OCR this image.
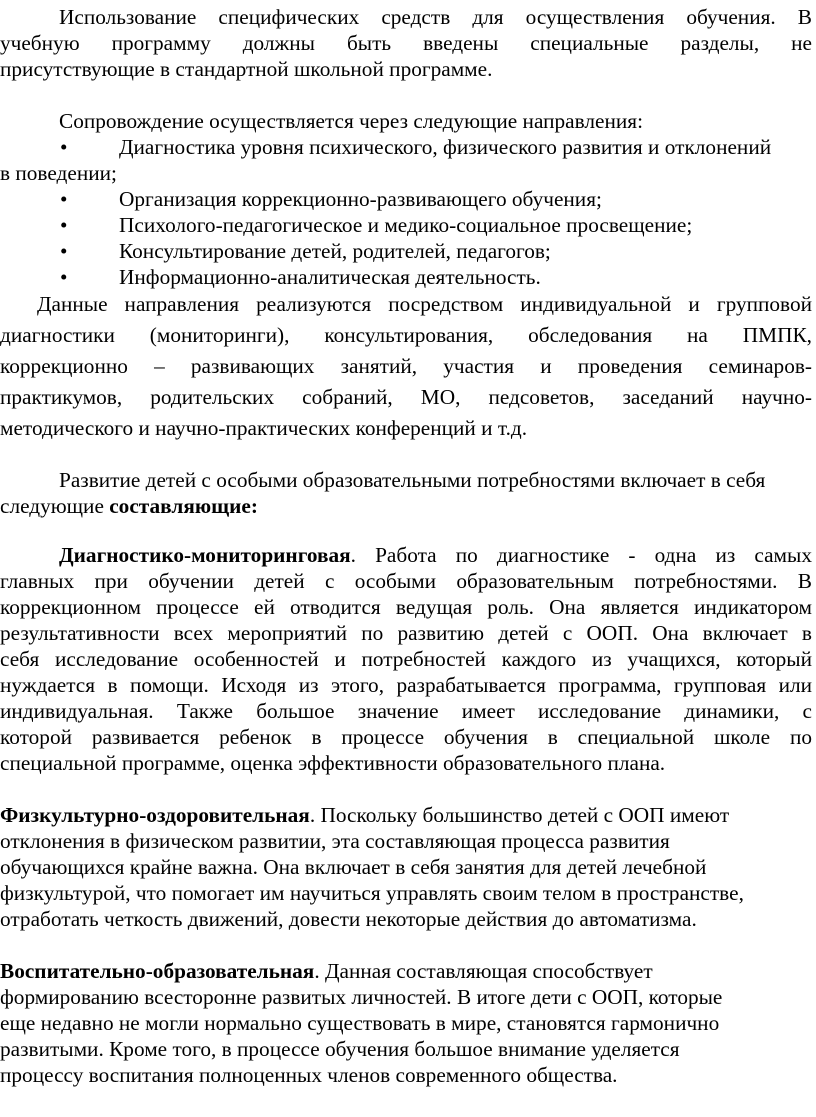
Использование специфических средств для осуществления обучения. В
учебную программу должны быть введены специальные разделы, не
присутствующие в стандартной школьной программе.
Сопровождение осуществляется через следующие направления:
• Диагностика уровня психического, физического развития и отклонений
в поведении;
• Организация коррекционно-развивающего обучения;
• Психолого-педагогическое и медико-социальное просвещение;
• Консультирование детей, родителей, педагогов;
• Информационно-аналитическая деятельность.
Данные направления реализуются посредством индивидуальной и групповой
диагностики (мониторинги), консультирования, обследования на ПМПК,
коррекционно – развивающих занятий, участия и проведения семинаров-
практикумов, родительских собраний, МО, педсоветов, заседаний научно-
методического и научно-практических конференций и т.д.
Развитие детей с особыми образовательными потребностями включает в себя
следующие составляющие:
Диагностико-мониторинговая. Работа по диагностике - одна из самых
главных при обучении детей с особыми образовательным потребностями. В
коррекционном процессе ей отводится ведущая роль. Она является индикатором
результативности всех мероприятий по развитию детей с ООП. Она включает в
себя исследование особенностей и потребностей каждого из учащихся, который
нуждается в помощи. Исходя из этого, разрабатывается программа, групповая или
индивидуальная. Также большое значение имеет исследование динамики, с
которой развивается ребенок в процессе обучения в специальной школе по
специальной программе, оценка эффективности образовательного плана.
Физкультурно-оздоровительная. Поскольку большинство детей с ООП имеют
отклонения в физическом развитии, эта составляющая процесса развития
обучающихся крайне важна. Она включает в себя занятия для детей лечебной
физкультурой, что помогает им научиться управлять своим телом в пространстве,
отработать четкость движений, довести некоторые действия до автоматизма.
Воспитательно-образовательная. Данная составляющая способствует
формированию всесторонне развитых личностей. В итоге дети с ООП, которые
еще недавно не могли нормально существовать в мире, становятся гармонично
развитыми. Кроме того, в процессе обучения большое внимание уделяется
процессу воспитания полноценных членов современного общества.
